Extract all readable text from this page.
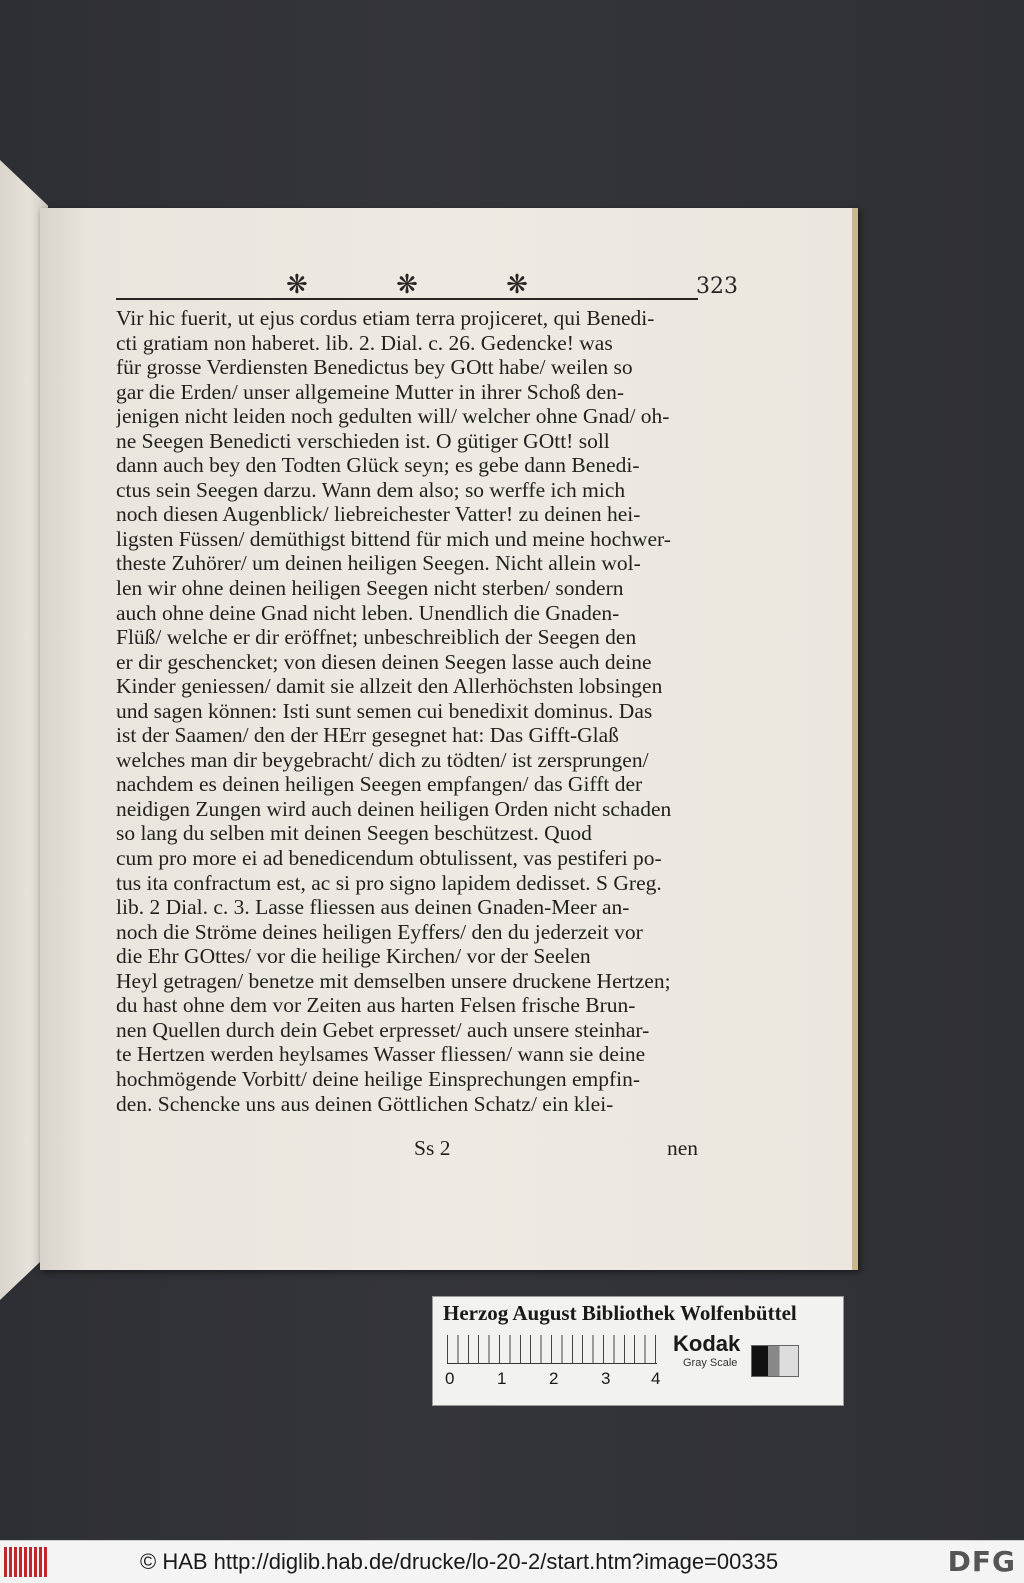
❋ ❋ ❋	323
Vir hic fuerit, ut ejus cordus etiam terra projiceret, qui Benedi-
cti gratiam non haberet. lib. 2. Dial. c. 26. Gedencke! was
für grosse Verdiensten Benedictus bey GOtt habe/ weilen so
gar die Erden/ unser allgemeine Mutter in ihrer Schoß den-
jenigen nicht leiden noch gedulten will/ welcher ohne Gnad/ oh-
ne Seegen Benedicti verschieden ist. O gütiger GOtt! soll
dann auch bey den Todten Glück seyn; es gebe dann Benedi-
ctus sein Seegen darzu. Wann dem also; so werffe ich mich
noch diesen Augenblick/ liebreichester Vatter! zu deinen hei-
ligsten Füssen/ demüthigst bittend für mich und meine hochwer-
theste Zuhörer/ um deinen heiligen Seegen. Nicht allein wol-
len wir ohne deinen heiligen Seegen nicht sterben/ sondern
auch ohne deine Gnad nicht leben. Unendlich die Gnaden-
Flüß/ welche er dir eröffnet; unbeschreiblich der Seegen den
er dir geschencket; von diesen deinen Seegen lasse auch deine
Kinder geniessen/ damit sie allzeit den Allerhöchsten lobsingen
und sagen können: Isti sunt semen cui benedixit dominus. Das
ist der Saamen/ den der HErr gesegnet hat: Das Gifft-Glaß
welches man dir beygebracht/ dich zu tödten/ ist zersprungen/
nachdem es deinen heiligen Seegen empfangen/ das Gifft der
neidigen Zungen wird auch deinen heiligen Orden nicht schaden
so lang du selben mit deinen Seegen beschützest. Quod
cum pro more ei ad benedicendum obtulissent, vas pestiferi po-
tus ita confractum est, ac si pro signo lapidem dedisset. S Greg.
lib. 2 Dial. c. 3. Lasse fliessen aus deinen Gnaden-Meer an-
noch die Ströme deines heiligen Eyffers/ den du jederzeit vor
die Ehr GOttes/ vor die heilige Kirchen/ vor der Seelen
Heyl getragen/ benetze mit demselben unsere druckene Hertzen;
du hast ohne dem vor Zeiten aus harten Felsen frische Brun-
nen Quellen durch dein Gebet erpresset/ auch unsere steinhar-
te Hertzen werden heylsames Wasser fliessen/ wann sie deine
hochmögende Vorbitt/ deine heilige Einsprechungen empfin-
den. Schencke uns aus deinen Göttlichen Schatz/ ein klei-
Ss 2	nen
Herzog August Bibliothek Wolfenbüttel
0	1	2	3 4
Kodak
Gray Scale
© HAB http://diglib.hab.de/drucke/lo-20-2/start.htm?image=00335	DFG
